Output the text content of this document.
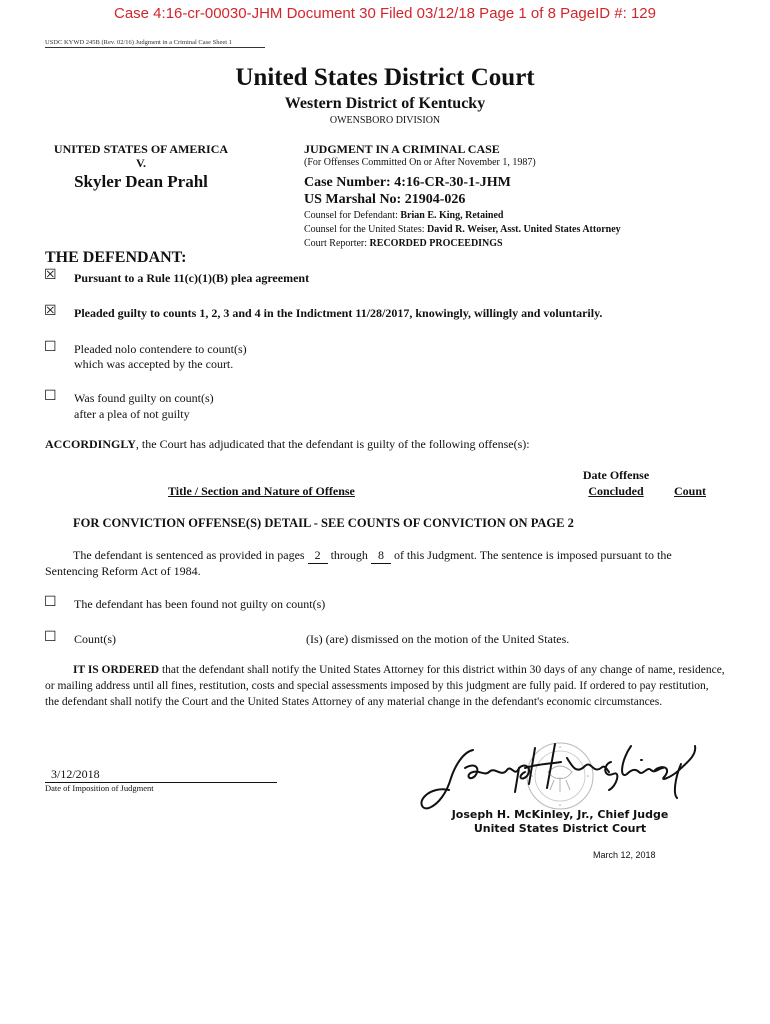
Case 4:16-cr-00030-JHM Document 30 Filed 03/12/18 Page 1 of 8 PageID #: 129
USDC KYWD 245B (Rev. 02/16) Judgment in a Criminal Case Sheet 1
United States District Court
Western District of Kentucky
OWENSBORO DIVISION
UNITED STATES OF AMERICA
V.
Skyler Dean Prahl
JUDGMENT IN A CRIMINAL CASE
(For Offenses Committed On or After November 1, 1987)
Case Number: 4:16-CR-30-1-JHM
US Marshal No: 21904-026
Counsel for Defendant: Brian E. King, Retained
Counsel for the United States: David R. Weiser, Asst. United States Attorney
Court Reporter: RECORDED PROCEEDINGS
THE DEFENDANT:
☒ Pursuant to a Rule 11(c)(1)(B) plea agreement
☒ Pleaded guilty to counts 1, 2, 3 and 4 in the Indictment 11/28/2017, knowingly, willingly and voluntarily.
☐ Pleaded nolo contendere to count(s)
which was accepted by the court.
☐ Was found guilty on count(s)
after a plea of not guilty
ACCORDINGLY, the Court has adjudicated that the defendant is guilty of the following offense(s):
Title / Section and Nature of Offense
Date Offense
Concluded	Count
FOR CONVICTION OFFENSE(S) DETAIL - SEE COUNTS OF CONVICTION ON PAGE 2
The defendant is sentenced as provided in pages 2 through 8 of this Judgment. The sentence is imposed pursuant to the
Sentencing Reform Act of 1984.
☐ The defendant has been found not guilty on count(s)
☐ Count(s)	(Is) (are) dismissed on the motion of the United States.
IT IS ORDERED that the defendant shall notify the United States Attorney for this district within 30 days of any change of name, residence, or mailing address until all fines, restitution, costs and special assessments imposed by this judgment are fully paid. If ordered to pay restitution, the defendant shall notify the Court and the United States Attorney of any material change in the defendant's economic circumstances.
3/12/2018
Date of Imposition of Judgment
Joseph H. McKinley, Jr., Chief Judge
United States District Court
March 12, 2018
